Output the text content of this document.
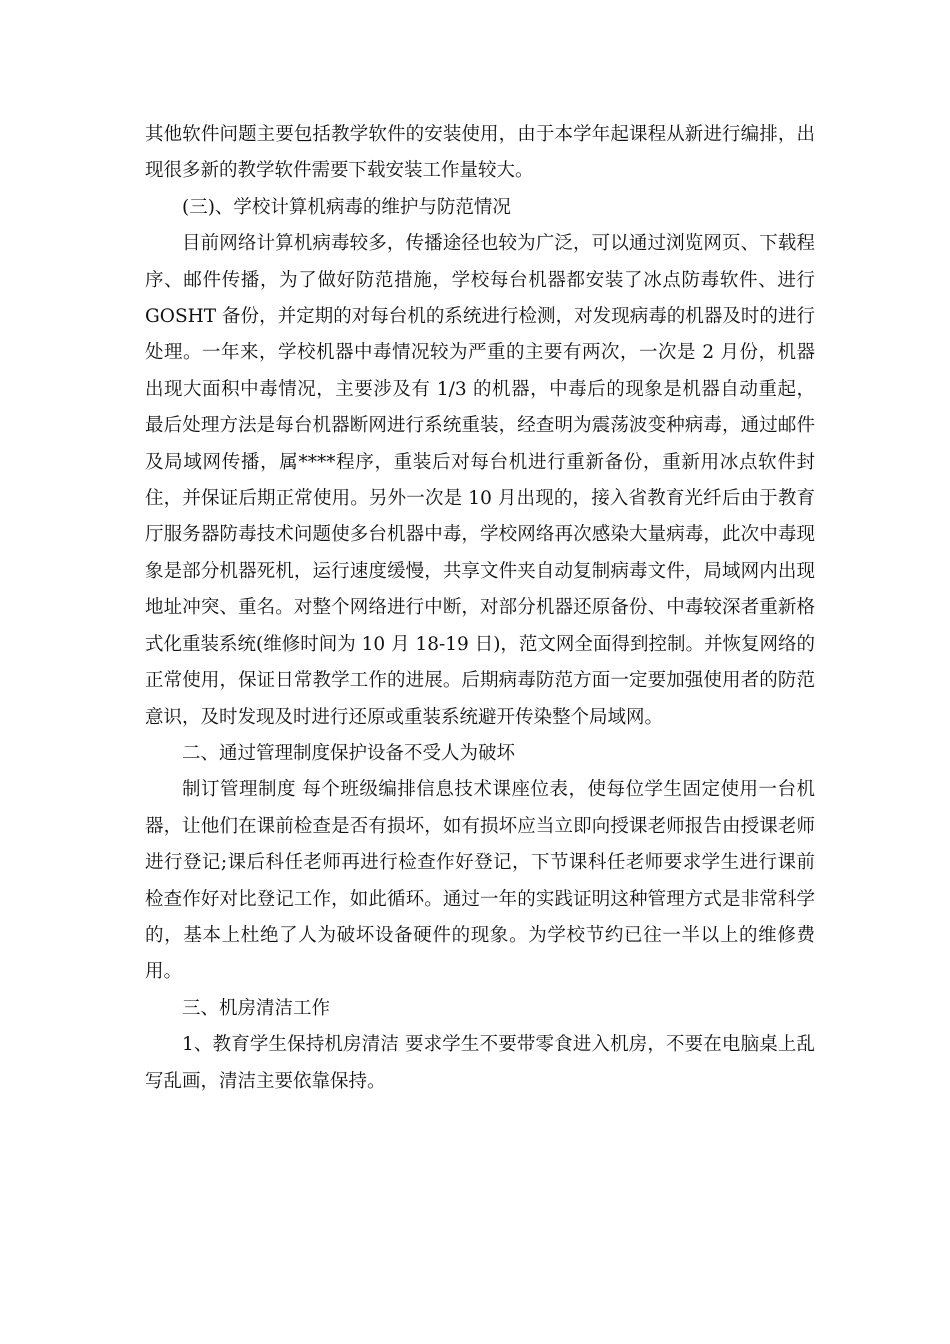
其他软件问题主要包括教学软件的安装使用，由于本学年起课程从新进行编排，出现很多新的教学软件需要下载安装工作量较大。

(三)、学校计算机病毒的维护与防范情况

目前网络计算机病毒较多，传播途径也较为广泛，可以通过浏览网页、下载程序、邮件传播，为了做好防范措施，学校每台机器都安装了冰点防毒软件、进行 GOSHT 备份，并定期的对每台机的系统进行检测，对发现病毒的机器及时的进行处理。一年来，学校机器中毒情况较为严重的主要有两次，一次是 2 月份，机器出现大面积中毒情况，主要涉及有 1/3 的机器，中毒后的现象是机器自动重起，最后处理方法是每台机器断网进行系统重装，经查明为震荡波变种病毒，通过邮件及局域网传播，属****程序，重装后对每台机进行重新备份，重新用冰点软件封住，并保证后期正常使用。另外一次是 10 月出现的，接入省教育光纤后由于教育厅服务器防毒技术问题使多台机器中毒，学校网络再次感染大量病毒，此次中毒现象是部分机器死机，运行速度缓慢，共享文件夹自动复制病毒文件，局域网内出现地址冲突、重名。对整个网络进行中断，对部分机器还原备份、中毒较深者重新格式化重装系统(维修时间为 10 月 18-19 日)，范文网全面得到控制。并恢复网络的正常使用，保证日常教学工作的进展。后期病毒防范方面一定要加强使用者的防范意识，及时发现及时进行还原或重装系统避开传染整个局域网。

二、通过管理制度保护设备不受人为破坏

制订管理制度 每个班级编排信息技术课座位表，使每位学生固定使用一台机器，让他们在课前检查是否有损坏，如有损坏应当立即向授课老师报告由授课老师进行登记;课后科任老师再进行检查作好登记，下节课科任老师要求学生进行课前检查作好对比登记工作，如此循环。通过一年的实践证明这种管理方式是非常科学的，基本上杜绝了人为破坏设备硬件的现象。为学校节约已往一半以上的维修费用。

三、机房清洁工作

1、教育学生保持机房清洁 要求学生不要带零食进入机房，不要在电脑桌上乱写乱画，清洁主要依靠保持。
